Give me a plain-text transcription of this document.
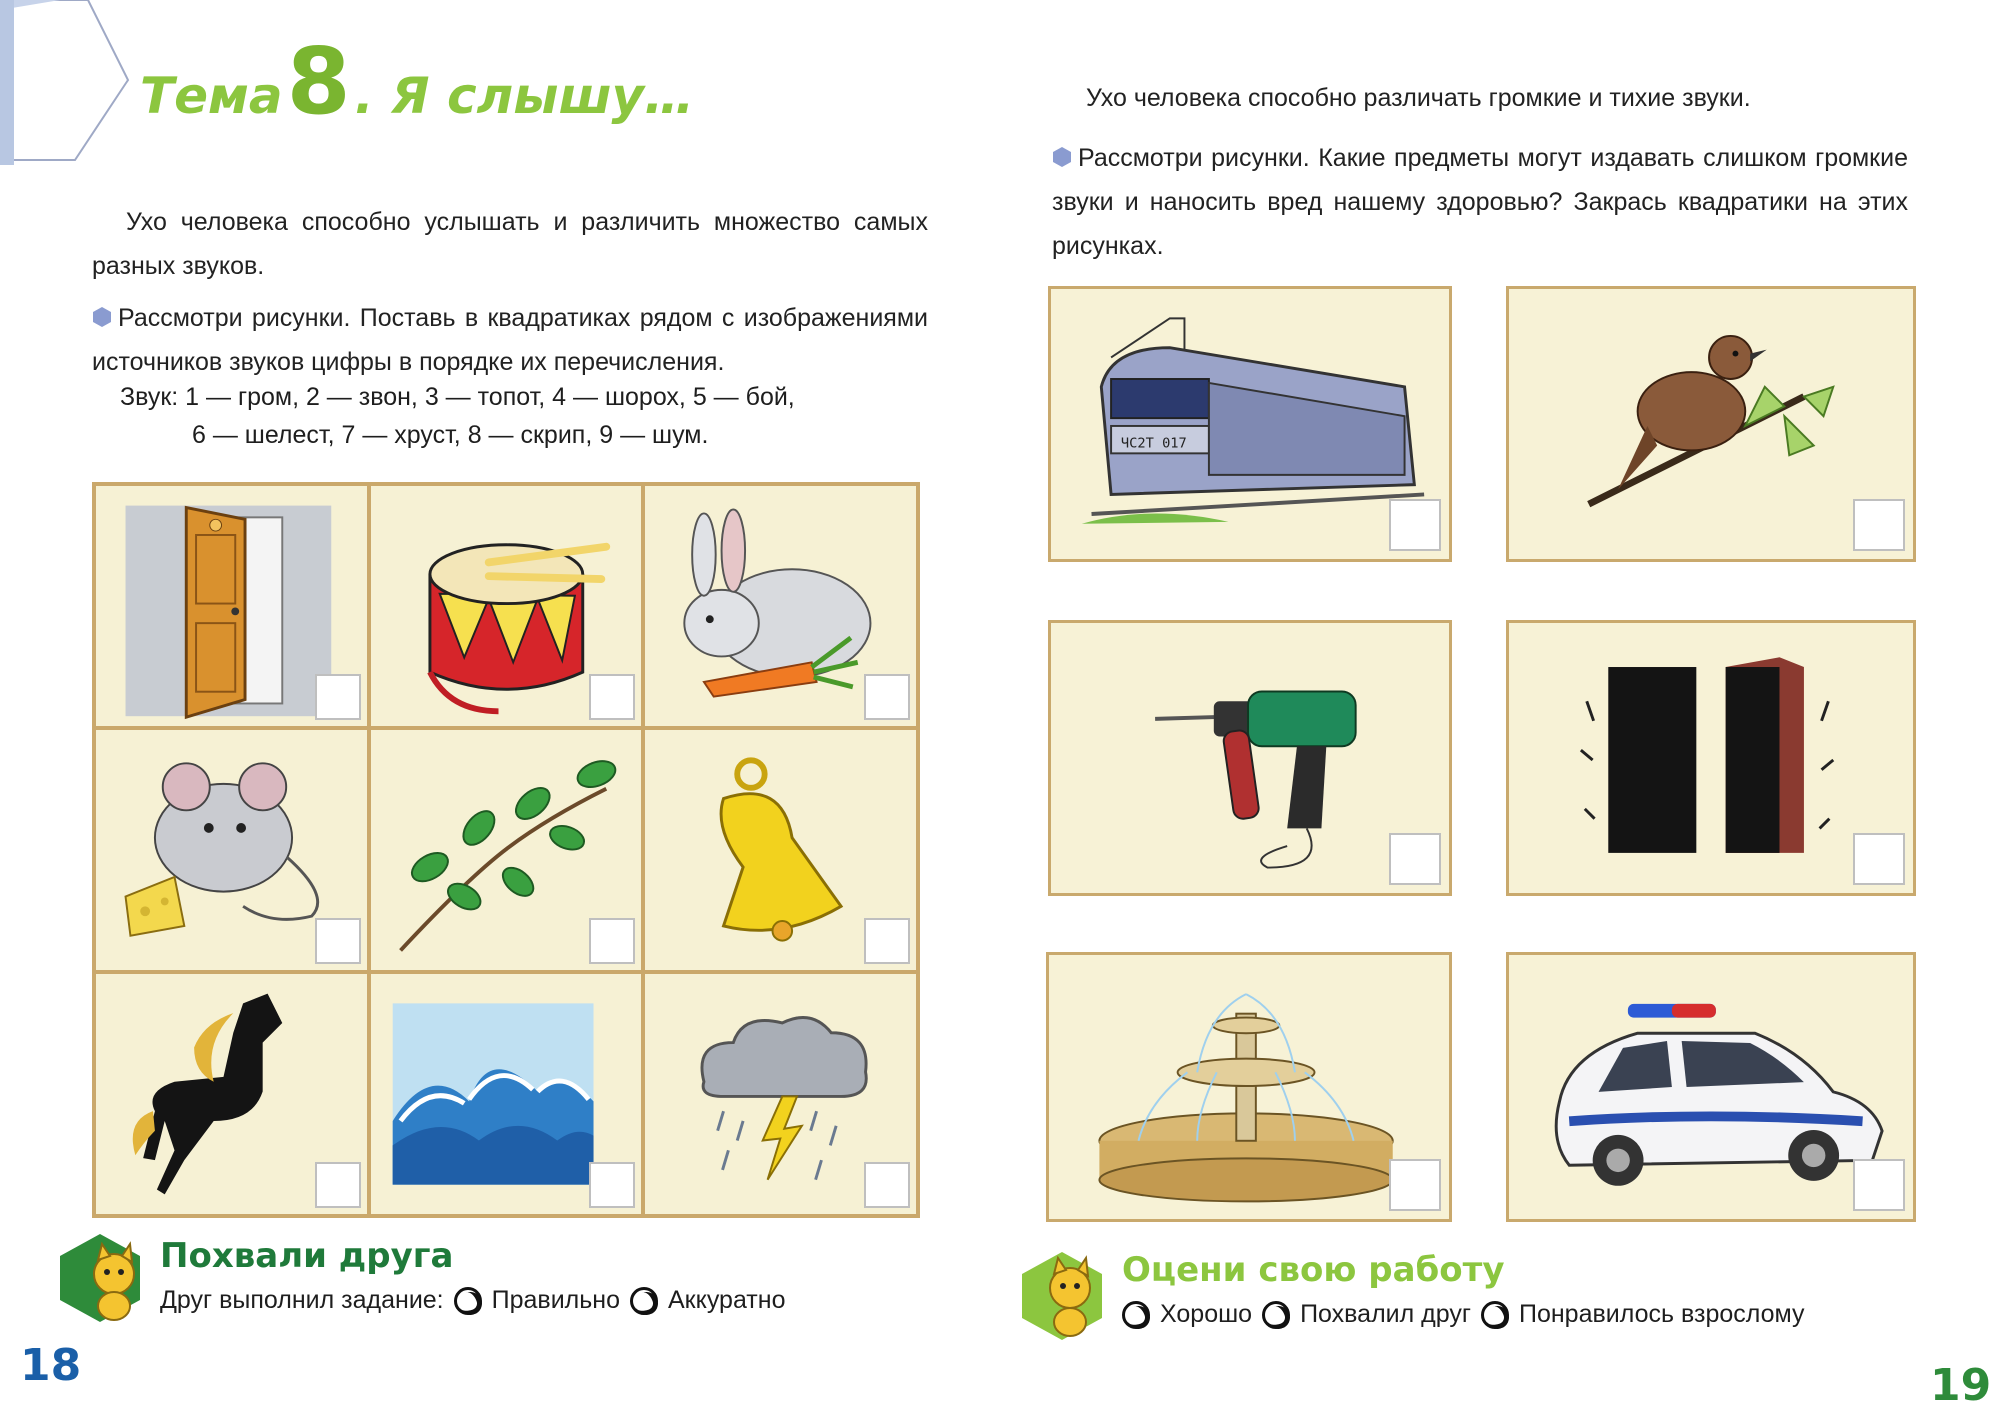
Тема8. Я слышу…

Ухо человека способно услышать и различить множество самых разных звуков.

Рассмотри рисунки. Поставь в квадратиках рядом с изображениями источников звуков цифры в порядке их перечисления.

Звук: 1 — гром, 2 — звон, 3 — топот, 4 — шорох, 5 — бой,
6 — шелест, 7 — хруст, 8 — скрип, 9 — шум.
Похвали друга
Друг выполнил задание: Правильно Аккуратно
18

Ухо человека способно различать громкие и тихие звуки.

Рассмотри рисунки. Какие предметы могут издавать слишком громкие звуки и наносить вред нашему здоровью? Закрась квадратики на этих рисунках.

ЧС2Т 017
Оцени свою работу
Хорошо Похвалил друг Понравилось взрослому
19
